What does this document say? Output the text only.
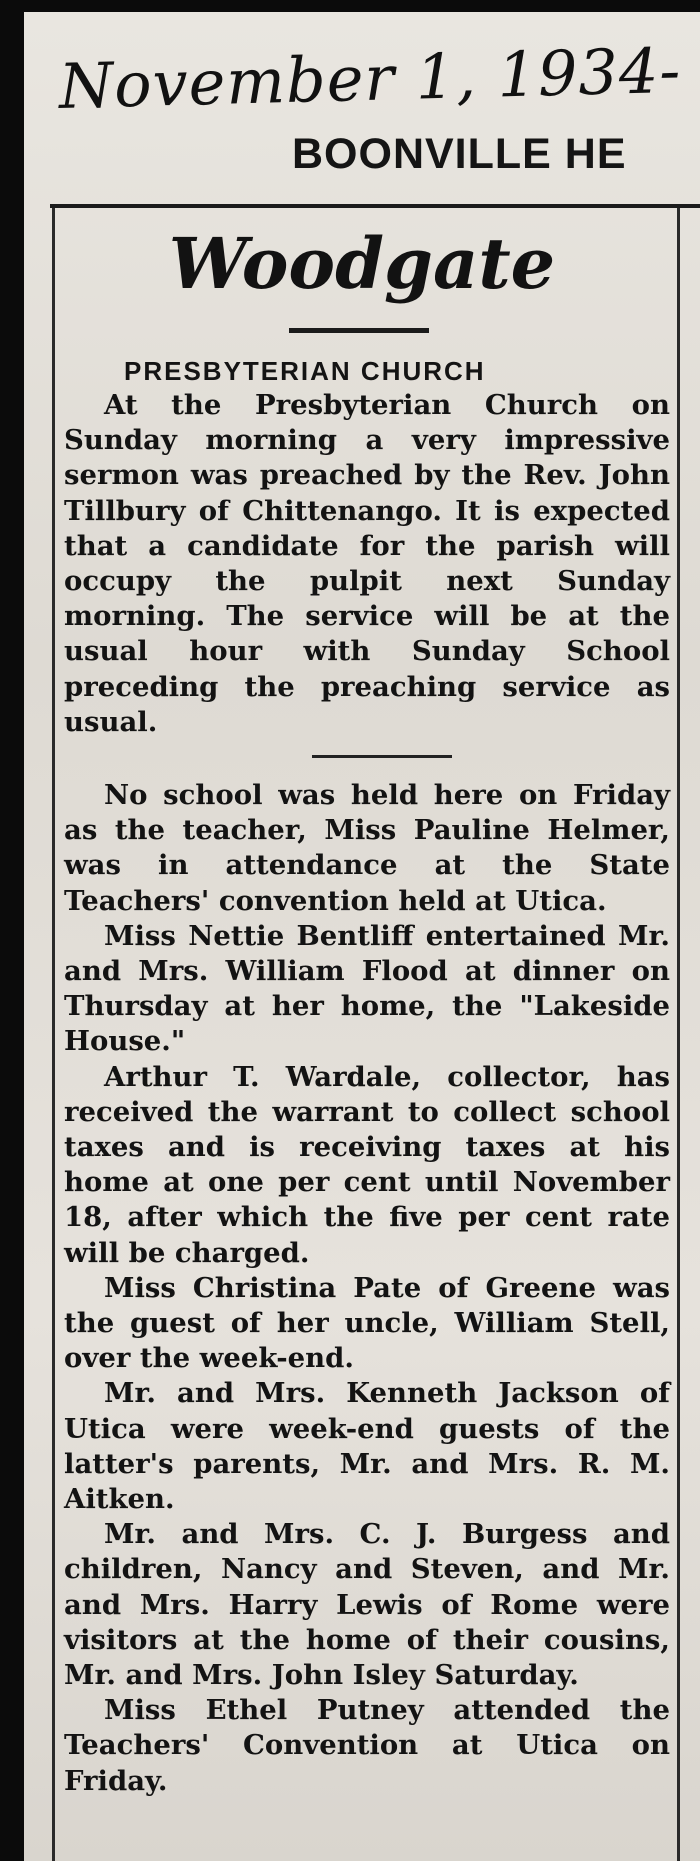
November 1, 1934-
BOONVILLE HE
Woodgate
PRESBYTERIAN CHURCH

At the Presbyterian Church on Sunday morning a very impressive sermon was preached by the Rev. John Tillbury of Chittenango. It is expected that a candidate for the parish will occupy the pulpit next Sunday morning. The service will be at the usual hour with Sunday School preceding the preaching service as usual.

No school was held here on Friday as the teacher, Miss Pauline Helmer, was in attendance at the State Teachers' convention held at Utica.

Miss Nettie Bentliff entertained Mr. and Mrs. William Flood at dinner on Thursday at her home, the "Lakeside House."

Arthur T. Wardale, collector, has received the warrant to collect school taxes and is receiving taxes at his home at one per cent until November 18, after which the five per cent rate will be charged.

Miss Christina Pate of Greene was the guest of her uncle, William Stell, over the week-end.

Mr. and Mrs. Kenneth Jackson of Utica were week-end guests of the latter's parents, Mr. and Mrs. R. M. Aitken.

Mr. and Mrs. C. J. Burgess and children, Nancy and Steven, and Mr. and Mrs. Harry Lewis of Rome were visitors at the home of their cousins, Mr. and Mrs. John Isley Saturday.

Miss Ethel Putney attended the Teachers' Convention at Utica on Friday.
